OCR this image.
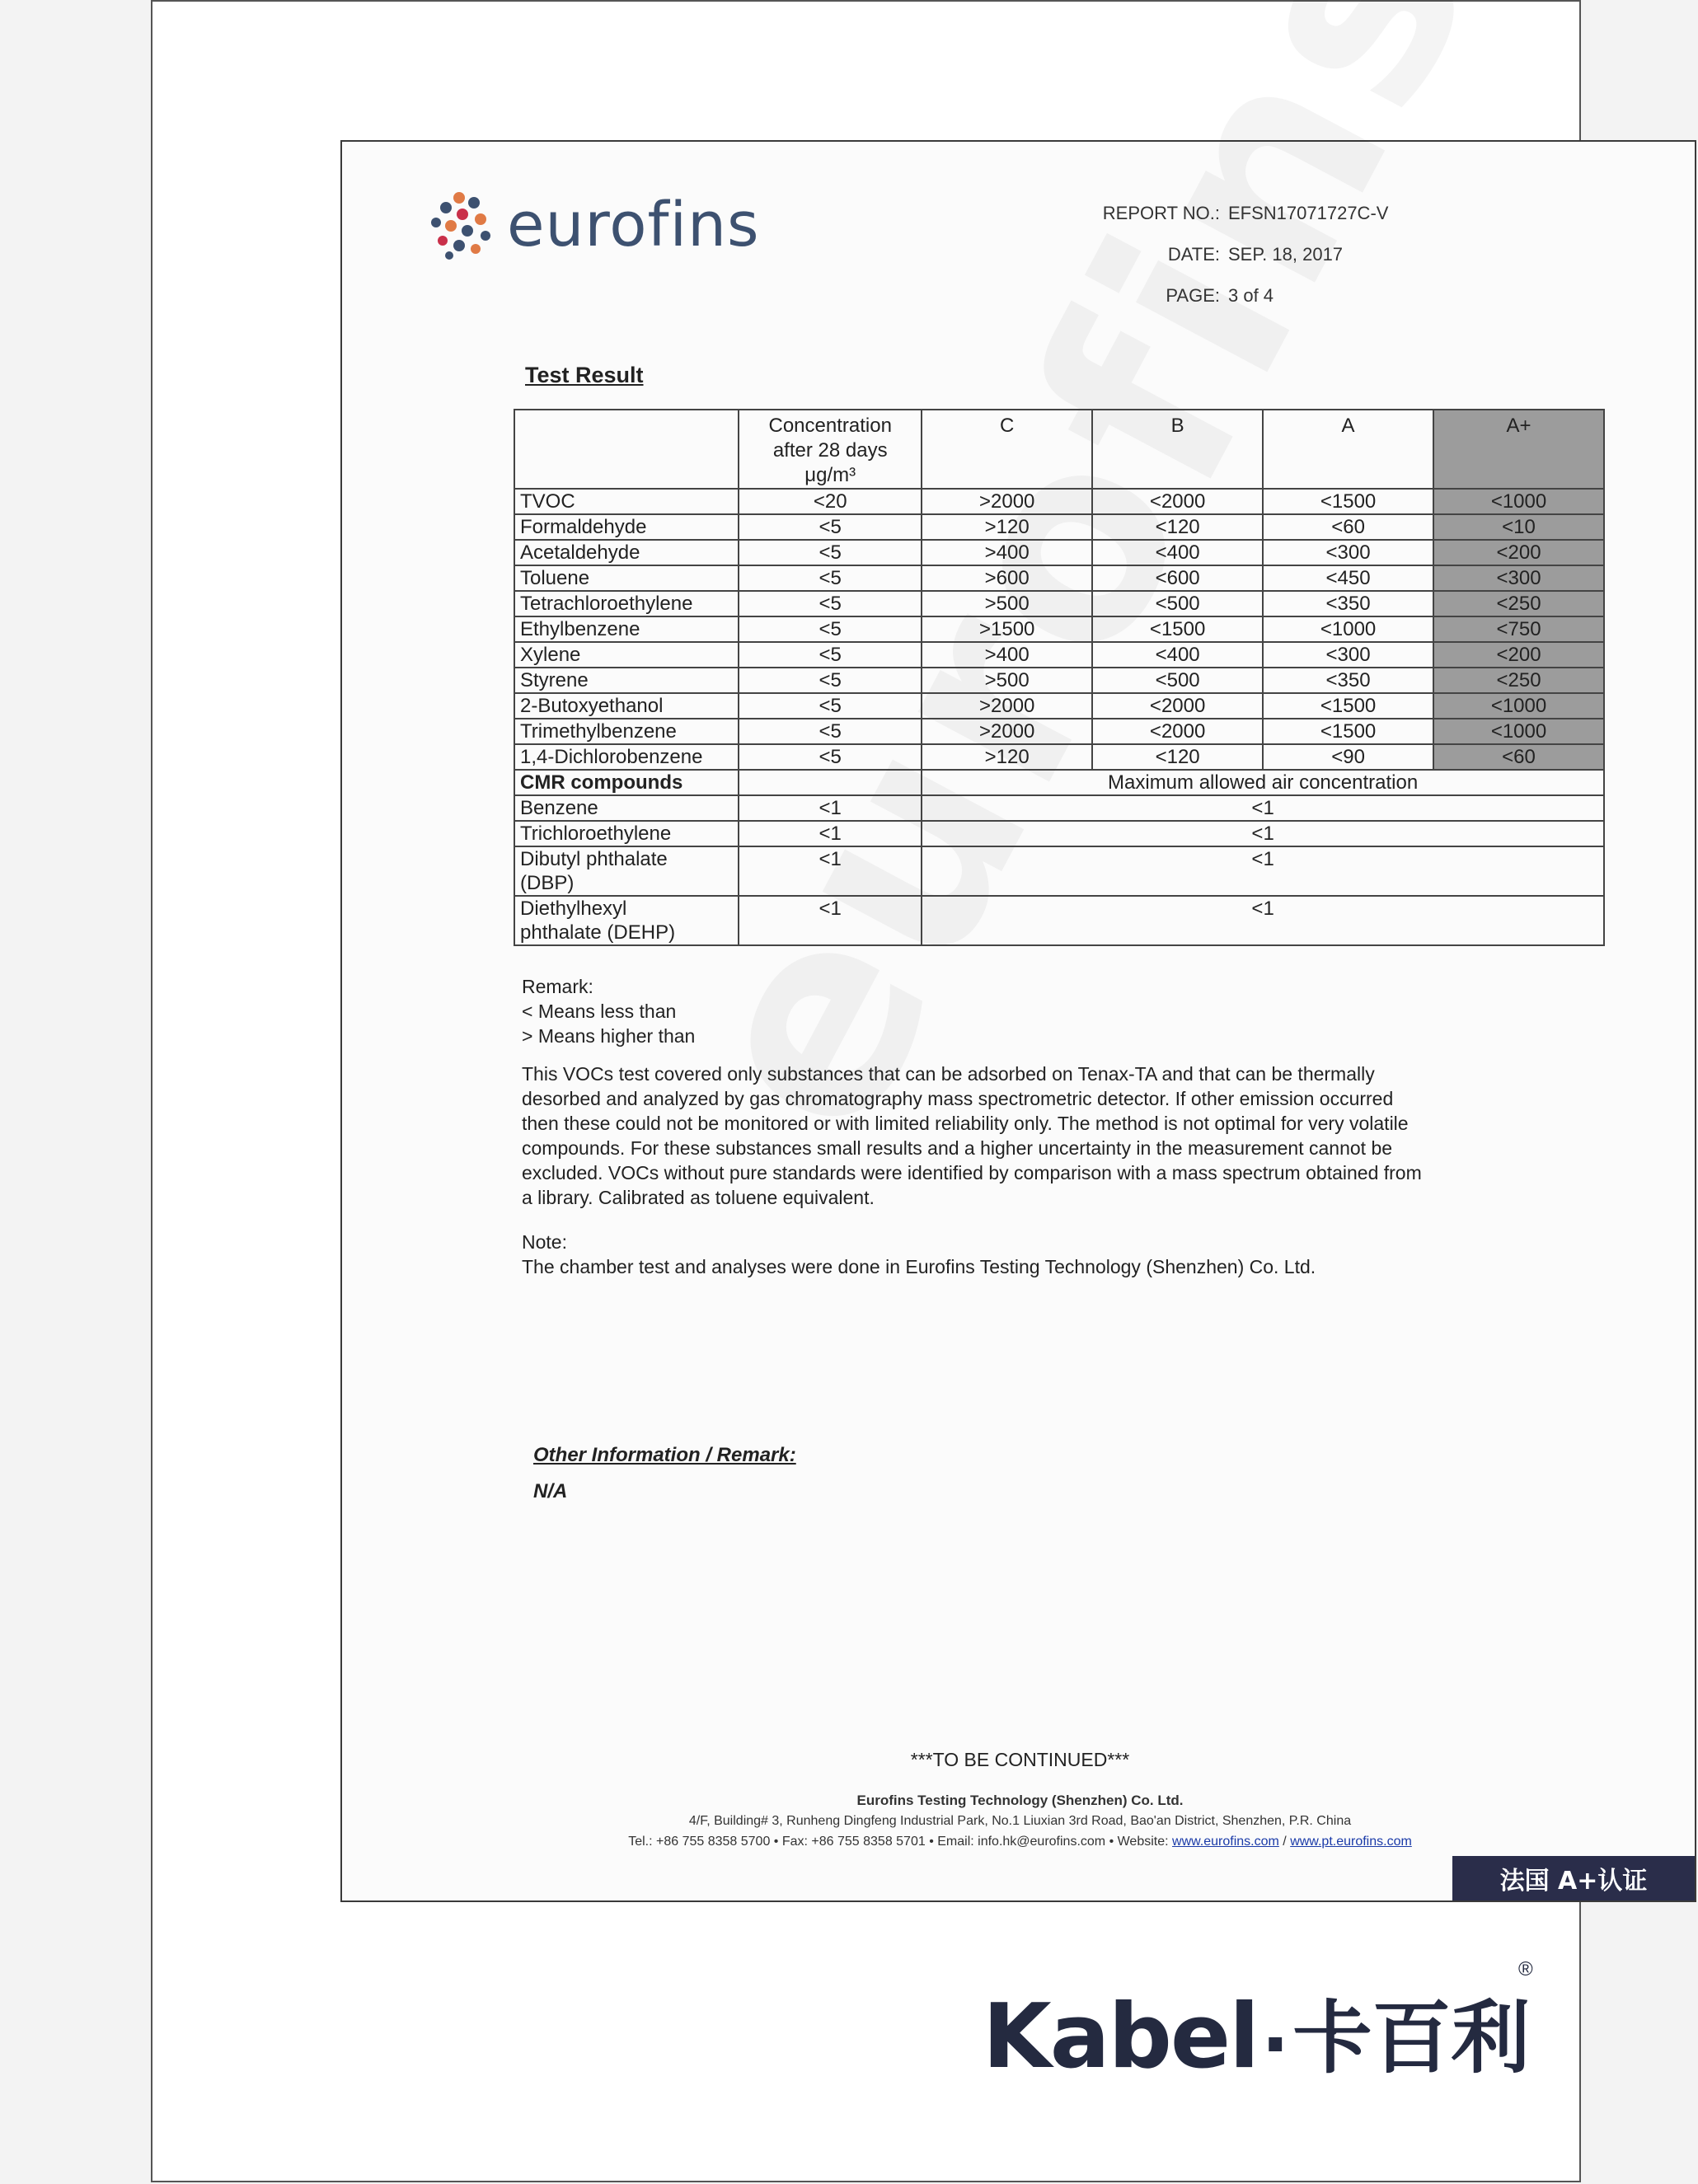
eurofins	REPORT NO.: EFSN17071727C-V
DATE: SEP. 18, 2017
PAGE: 3 of 4
Test Result

	Concentration
after 28 days
μg/m³	C	B	A	A+
TVOC	<20	>2000	<2000	<1500	<1000
Formaldehyde	<5	>120	<120	<60	<10
Acetaldehyde	<5	>400	<400	<300	<200
Toluene	<5	>600	<600	<450	<300
Tetrachloroethylene	<5	>500	<500	<350	<250
Ethylbenzene	<5	>1500	<1500	<1000	<750
Xylene	<5	>400	<400	<300	<200
Styrene	<5	>500	<500	<350	<250
2-Butoxyethanol	<5	>2000	<2000	<1500	<1000
Trimethylbenzene	<5	>2000	<2000	<1500	<1000
1,4-Dichlorobenzene	<5	>120	<120	<90	<60
CMR compounds		Maximum allowed air concentration			

Benzene	<1	<1			

Trichloroethylene	<1	<1			

Dibutyl phthalate
(DBP)	<1	<1			

Diethylhexyl
phthalate (DEHP)	<1	<1			
Remark:
< Means less than
> Means higher than
This VOCs test covered only substances that can be adsorbed on Tenax-TA and that can be thermally
desorbed and analyzed by gas chromatography mass spectrometric detector. If other emission occurred
then these could not be monitored or with limited reliability only. The method is not optimal for very volatile
compounds. For these substances small results and a higher uncertainty in the measurement cannot be
excluded. VOCs without pure standards were identified by comparison with a mass spectrum obtained from
a library. Calibrated as toluene equivalent.
Note:
The chamber test and analyses were done in Eurofins Testing Technology (Shenzhen) Co. Ltd.
Other Information / Remark:
N/A
***TO BE CONTINUED***
Eurofins Testing Technology (Shenzhen) Co. Ltd.
4/F, Building# 3, Runheng Dingfeng Industrial Park, No.1 Liuxian 3rd Road, Bao'an District, Shenzhen, P.R. China
Tel.: +86 755 8358 5700 • Fax: +86 755 8358 5701 • Email: info.hk@eurofins.com • Website: www.eurofins.com / www.pt.eurofins.com
法国 A+认证
Kabel · 卡百利
®
